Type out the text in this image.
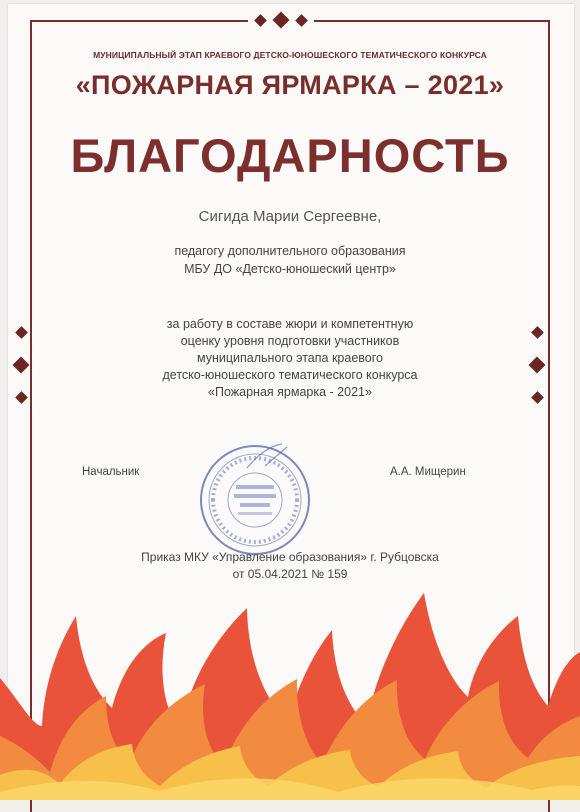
МУНИЦИПАЛЬНЫЙ ЭТАП КРАЕВОГО ДЕТСКО-ЮНОШЕСКОГО ТЕМАТИЧЕСКОГО КОНКУРСА
«ПОЖАРНАЯ ЯРМАРКА – 2021»
БЛАГОДАРНОСТЬ
Сигида Марии Сергеевне,
педагогу дополнительного образования
МБУ ДО «Детско-юношеский центр»
за работу в составе жюри и компетентную
оценку уровня подготовки участников
муниципального этапа краевого
детско-юношеского тематического конкурса
«Пожарная ярмарка - 2021»
Начальник	А.А. Мищерин
Приказ МКУ «Управление образования» г. Рубцовска
от 05.04.2021 № 159
